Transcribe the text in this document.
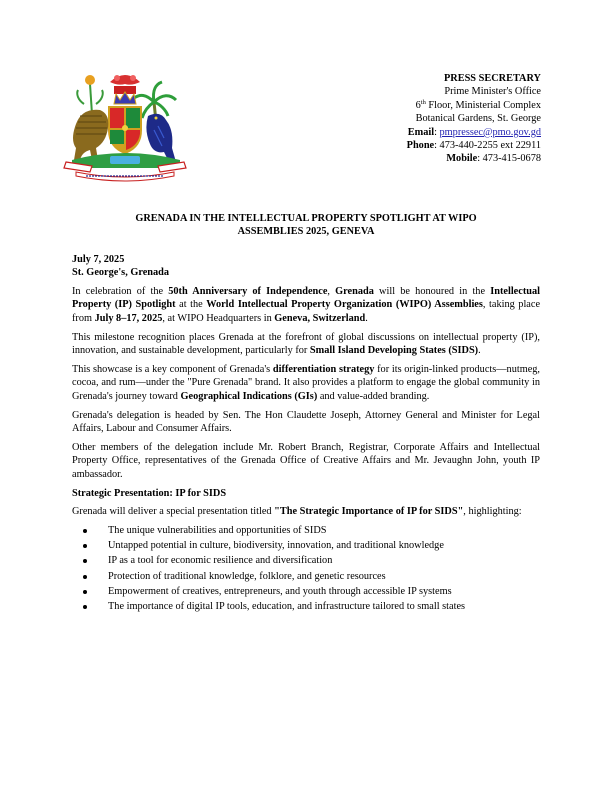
PRESS SECRETARY
Prime Minister's Office
6th Floor, Ministerial Complex
Botanical Gardens, St. George
Email: pmpressec@pmo.gov.gd
Phone: 473-440-2255 ext 22911
Mobile: 473-415-0678
GRENADA IN THE INTELLECTUAL PROPERTY SPOTLIGHT AT WIPO
ASSEMBLIES 2025, GENEVA
July 7, 2025
St. George's, Grenada

In celebration of the 50th Anniversary of Independence, Grenada will be honoured in the Intellectual Property (IP) Spotlight at the World Intellectual Property Organization (WIPO) Assemblies, taking place from July 8–17, 2025, at WIPO Headquarters in Geneva, Switzerland.

This milestone recognition places Grenada at the forefront of global discussions on intellectual property (IP), innovation, and sustainable development, particularly for Small Island Developing States (SIDS).

This showcase is a key component of Grenada's differentiation strategy for its origin-linked products—nutmeg, cocoa, and rum—under the "Pure Grenada" brand. It also provides a platform to engage the global community in Grenada's journey toward Geographical Indications (GIs) and value-added branding.

Grenada's delegation is headed by Sen. The Hon Claudette Joseph, Attorney General and Minister for Legal Affairs, Labour and Consumer Affairs.

Other members of the delegation include Mr. Robert Branch, Registrar, Corporate Affairs and Intellectual Property Office, representatives of the Grenada Office of Creative Affairs and Mr. Jevaughn John, youth IP ambassador.

Strategic Presentation: IP for SIDS

Grenada will deliver a special presentation titled "The Strategic Importance of IP for SIDS", highlighting:

The unique vulnerabilities and opportunities of SIDS
Untapped potential in culture, biodiversity, innovation, and traditional knowledge
IP as a tool for economic resilience and diversification
Protection of traditional knowledge, folklore, and genetic resources
Empowerment of creatives, entrepreneurs, and youth through accessible IP systems
The importance of digital IP tools, education, and infrastructure tailored to small states
